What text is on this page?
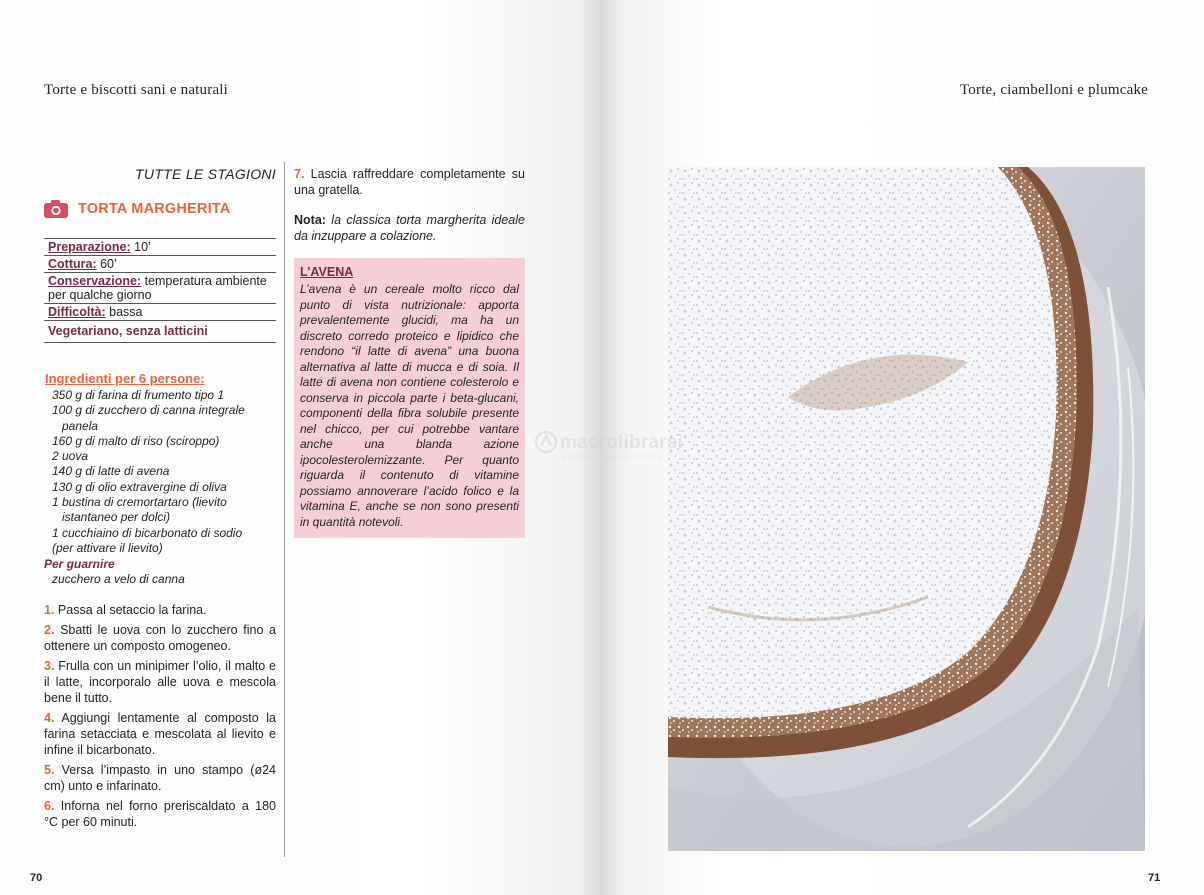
Torte e biscotti sani e naturali
TUTTE LE STAGIONI
TORTA MARGHERITA
Preparazione: 10’
Cottura: 60’
Conservazione: temperatura ambiente per qualche giorno
Difficoltà: bassa
Vegetariano, senza latticini
Ingredienti per 6 persone:
350 g di farina di frumento tipo 1
100 g di zucchero di canna integrale
panela
160 g di malto di riso (sciroppo)
2 uova
140 g di latte di avena
130 g di olio extravergine di oliva
1 bustina di cremortartaro (lievito
istantaneo per dolci)
1 cucchiaino di bicarbonato di sodio
(per attivare il lievito)
Per guarnire
zucchero a velo di canna
1. Passa al setaccio la farina.
2. Sbatti le uova con lo zucchero fino a ottenere un composto omogeneo.
3. Frulla con un minipimer l’olio, il malto e il latte, incorporalo alle uova e mescola bene il tutto.
4. Aggiungi lentamente al composto la farina setacciata e mescolata al lievito e infine il bicarbonato.
5. Versa l’impasto in uno stampo (ø24 cm) unto e infarinato.
6. Inforna nel forno preriscaldato a 180 °C per 60 minuti.
7. Lascia raffreddare completamente su una gratella.
Nota: la classica torta margherita ideale da inzuppare a colazione.
L’AVENA
L’avena è un cereale molto ricco dal punto di vista nutrizionale: apporta prevalentemente glucidi, ma ha un discreto corredo proteico e lipidico che rendono “il latte di avena” una buona alternativa al latte di mucca e di soia. Il latte di avena non contiene colesterolo e conserva in piccola parte i beta-glucani, componenti della fibra solubile presente nel chicco, per cui potrebbe vantare anche una blanda azione ipocolesterolemizzante. Per quanto riguarda il contenuto di vitamine possiamo annoverare l’acido folico e la vitamina E, anche se non sono presenti in quantità notevoli.
70
Torte, ciambelloni e plumcake
71
macrolibrarsi
ALTERNATIVA NATURALE
